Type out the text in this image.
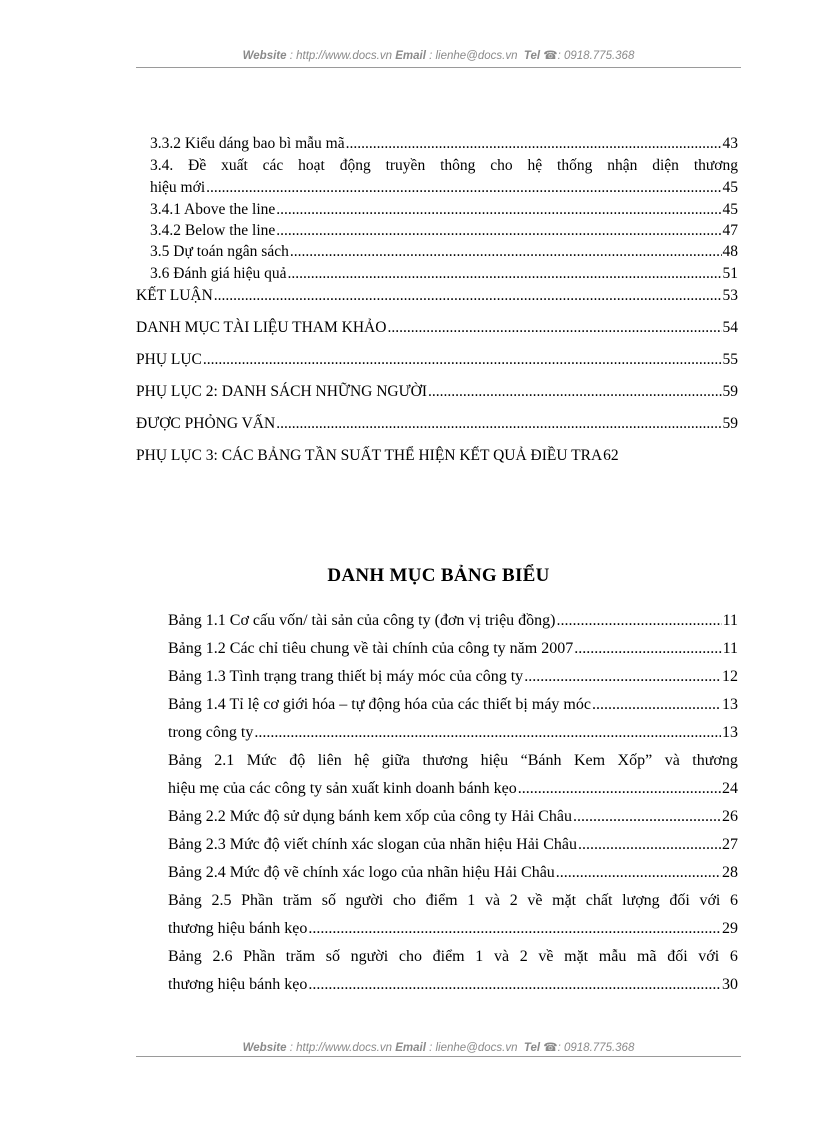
Website : http://www.docs.vn Email : lienhe@docs.vn Tel ☎: 0918.775.368
3.3.2 Kiểu dáng bao bì mẫu mã .....	43
3.4. Đề xuất các hoạt động truyền thông cho hệ thống nhận diện thương
hiệu mới .....	45
3.4.1 Above the line .....	45
3.4.2 Below the line .....	47
3.5 Dự toán ngân sách .....	48
3.6 Đánh giá hiệu quả .....	51
KẾT LUẬN .....	53
DANH MỤC TÀI LIỆU THAM KHẢO .....	54
PHỤ LỤC .....	55
PHỤ LỤC 2: DANH SÁCH NHỮNG NGƯỜI .....	59
ĐƯỢC PHỎNG VẤN .....	59
PHỤ LỤC 3: CÁC BẢNG TẦN SUẤT THỂ HIỆN KẾT QUẢ ĐIỀU TRA 62
DANH MỤC BẢNG BIỂU
Bảng 1.1 Cơ cấu vốn/ tài sản của công ty (đơn vị triệu đồng) .....	11
Bảng 1.2 Các chỉ tiêu chung về tài chính của công ty năm 2007 .....	11
Bảng 1.3 Tình trạng trang thiết bị máy móc của công ty .....	12
Bảng 1.4 Tỉ lệ cơ giới hóa – tự động hóa của các thiết bị máy móc .....	13
trong công ty .....	13
Bảng 2.1 Mức độ liên hệ giữa thương hiệu “Bánh Kem Xốp” và thương
hiệu mẹ của các công ty sản xuất kinh doanh bánh kẹo .....	24
Bảng 2.2 Mức độ sử dụng bánh kem xốp của công ty Hải Châu .....	26
Bảng 2.3 Mức độ viết chính xác slogan của nhãn hiệu Hải Châu .....	27
Bảng 2.4 Mức độ vẽ chính xác logo của nhãn hiệu Hải Châu .....	28
Bảng 2.5 Phần trăm số người cho điểm 1 và 2 về mặt chất lượng đối với 6
thương hiệu bánh kẹo .....	29
Bảng 2.6 Phần trăm số người cho điểm 1 và 2 về mặt mẫu mã đối với 6
thương hiệu bánh kẹo .....	30
Website : http://www.docs.vn Email : lienhe@docs.vn Tel ☎: 0918.775.368
